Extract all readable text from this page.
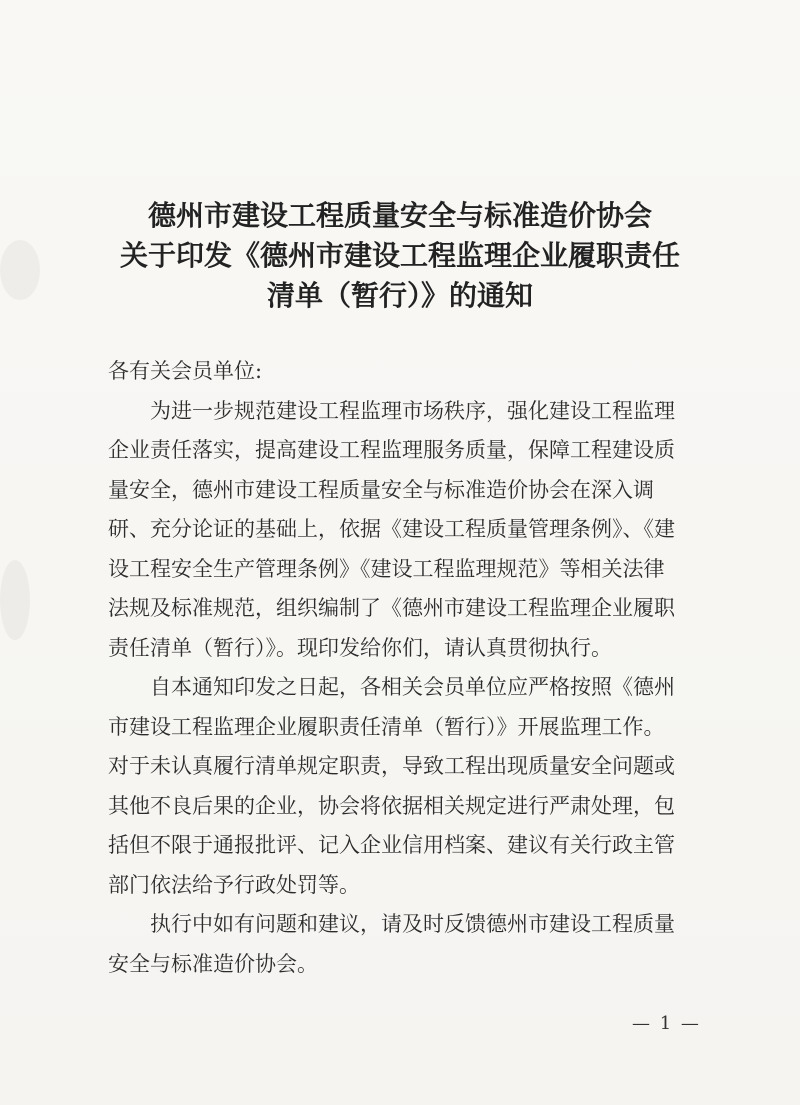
德州市建设工程质量安全与标准造价协会
关于印发《德州市建设工程监理企业履职责任
清单（暂行）》的通知
各有关会员单位:
为进一步规范建设工程监理市场秩序，强化建设工程监理
企业责任落实，提高建设工程监理服务质量，保障工程建设质
量安全，德州市建设工程质量安全与标准造价协会在深入调
研、充分论证的基础上，依据《建设工程质量管理条例》、《建
设工程安全生产管理条例》《建设工程监理规范》等相关法律
法规及标准规范，组织编制了《德州市建设工程监理企业履职
责任清单（暂行）》。现印发给你们，请认真贯彻执行。
自本通知印发之日起，各相关会员单位应严格按照《德州
市建设工程监理企业履职责任清单（暂行）》开展监理工作。
对于未认真履行清单规定职责，导致工程出现质量安全问题或
其他不良后果的企业，协会将依据相关规定进行严肃处理，包
括但不限于通报批评、记入企业信用档案、建议有关行政主管
部门依法给予行政处罚等。
执行中如有问题和建议，请及时反馈德州市建设工程质量
安全与标准造价协会。
— 1 —
